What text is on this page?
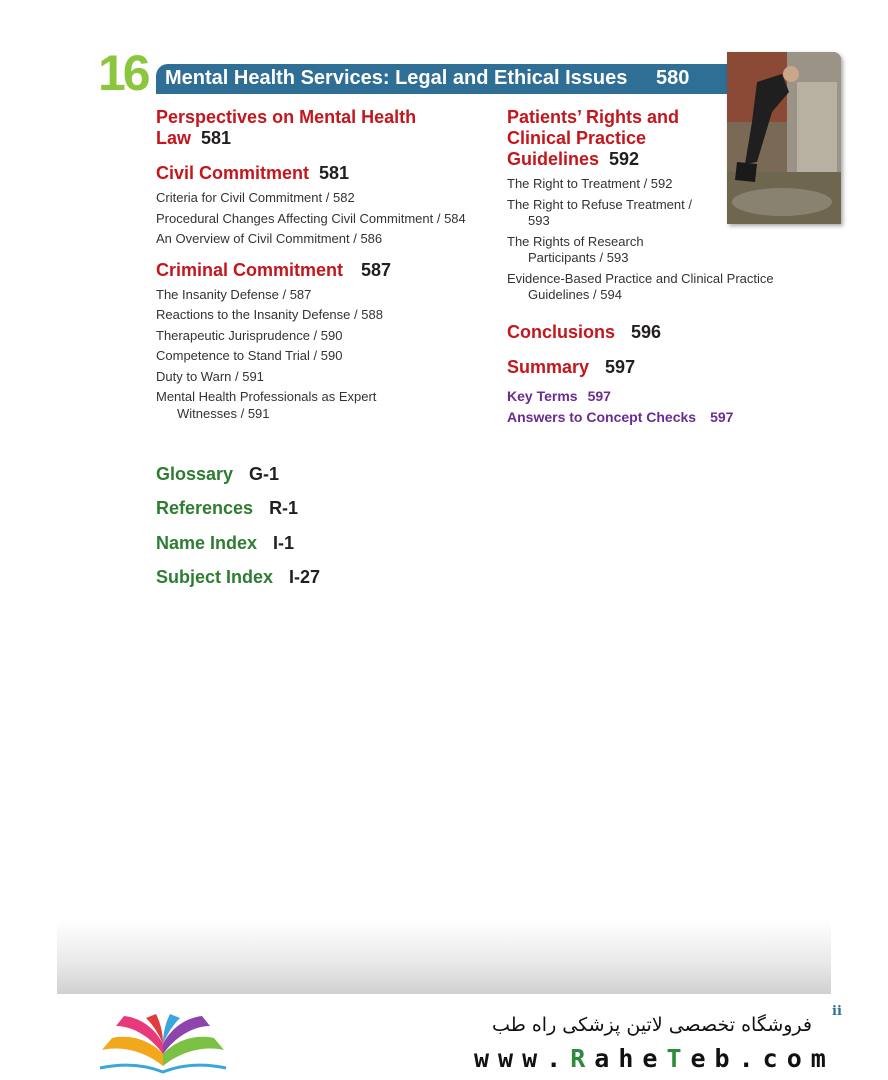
16 Mental Health Services: Legal and Ethical Issues 580
Perspectives on Mental Health Law 581
Civil Commitment 581
Criteria for Civil Commitment / 582
Procedural Changes Affecting Civil Commitment / 584
An Overview of Civil Commitment / 586
Criminal Commitment 587
The Insanity Defense / 587
Reactions to the Insanity Defense / 588
Therapeutic Jurisprudence / 590
Competence to Stand Trial / 590
Duty to Warn / 591
Mental Health Professionals as Expert Witnesses / 591
Patients’ Rights and Clinical Practice Guidelines 592
The Right to Treatment / 592
The Right to Refuse Treatment / 593
The Rights of Research Participants / 593
Evidence-Based Practice and Clinical Practice Guidelines / 594
Conclusions 596
Summary 597
Key Terms 597
Answers to Concept Checks 597
Glossary G-1
References R-1
Name Index I-1
Subject Index I-27
ii
فروشگاه تخصصی لاتین پزشکی راه طب
www.RaheTeb.com
